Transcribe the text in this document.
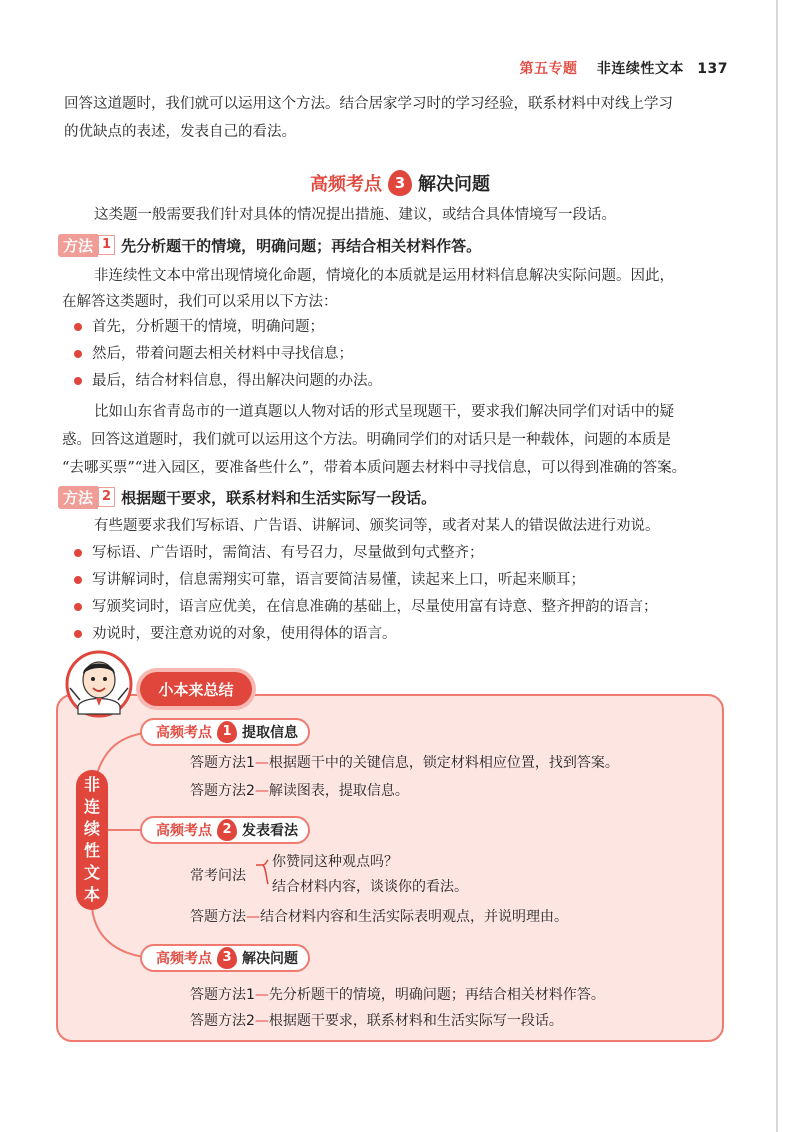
第五专题 非连续性文本 137

回答这道题时，我们就可以运用这个方法。结合居家学习时的学习经验，联系材料中对线上学习

的优缺点的表述，发表自己的看法。

高频考点 3 解决问题

这类题一般需要我们针对具体的情况提出措施、建议，或结合具体情境写一段话。

方法 1 先分析题干的情境，明确问题；再结合相关材料作答。

非连续性文本中常出现情境化命题，情境化的本质就是运用材料信息解决实际问题。因此，

在解答这类题时，我们可以采用以下方法：

首先，分析题干的情境，明确问题；
然后，带着问题去相关材料中寻找信息；
最后，结合材料信息，得出解决问题的办法。

比如山东省青岛市的一道真题以人物对话的形式呈现题干，要求我们解决同学们对话中的疑

惑。回答这道题时，我们就可以运用这个方法。明确同学们的对话只是一种载体，问题的本质是

“去哪买票”“进入园区，要准备些什么”，带着本质问题去材料中寻找信息，可以得到准确的答案。

方法 2 根据题干要求，联系材料和生活实际写一段话。

有些题要求我们写标语、广告语、讲解词、颁奖词等，或者对某人的错误做法进行劝说。

写标语、广告语时，需简洁、有号召力，尽量做到句式整齐；
写讲解词时，信息需翔实可靠，语言要简洁易懂，读起来上口，听起来顺耳；
写颁奖词时，语言应优美，在信息准确的基础上，尽量使用富有诗意、整齐押韵的语言；
劝说时，要注意劝说的对象，使用得体的语言。
小本来总结
非
连
续
性
文
本
高频考点 1 提取信息
答题方法1—根据题干中的关键信息，锁定材料相应位置，找到答案。
答题方法2—解读图表，提取信息。
高频考点 2 发表看法
常考问法
你赞同这种观点吗？
结合材料内容，谈谈你的看法。
答题方法—结合材料内容和生活实际表明观点，并说明理由。
高频考点 3 解决问题
答题方法1—先分析题干的情境，明确问题；再结合相关材料作答。
答题方法2—根据题干要求，联系材料和生活实际写一段话。
